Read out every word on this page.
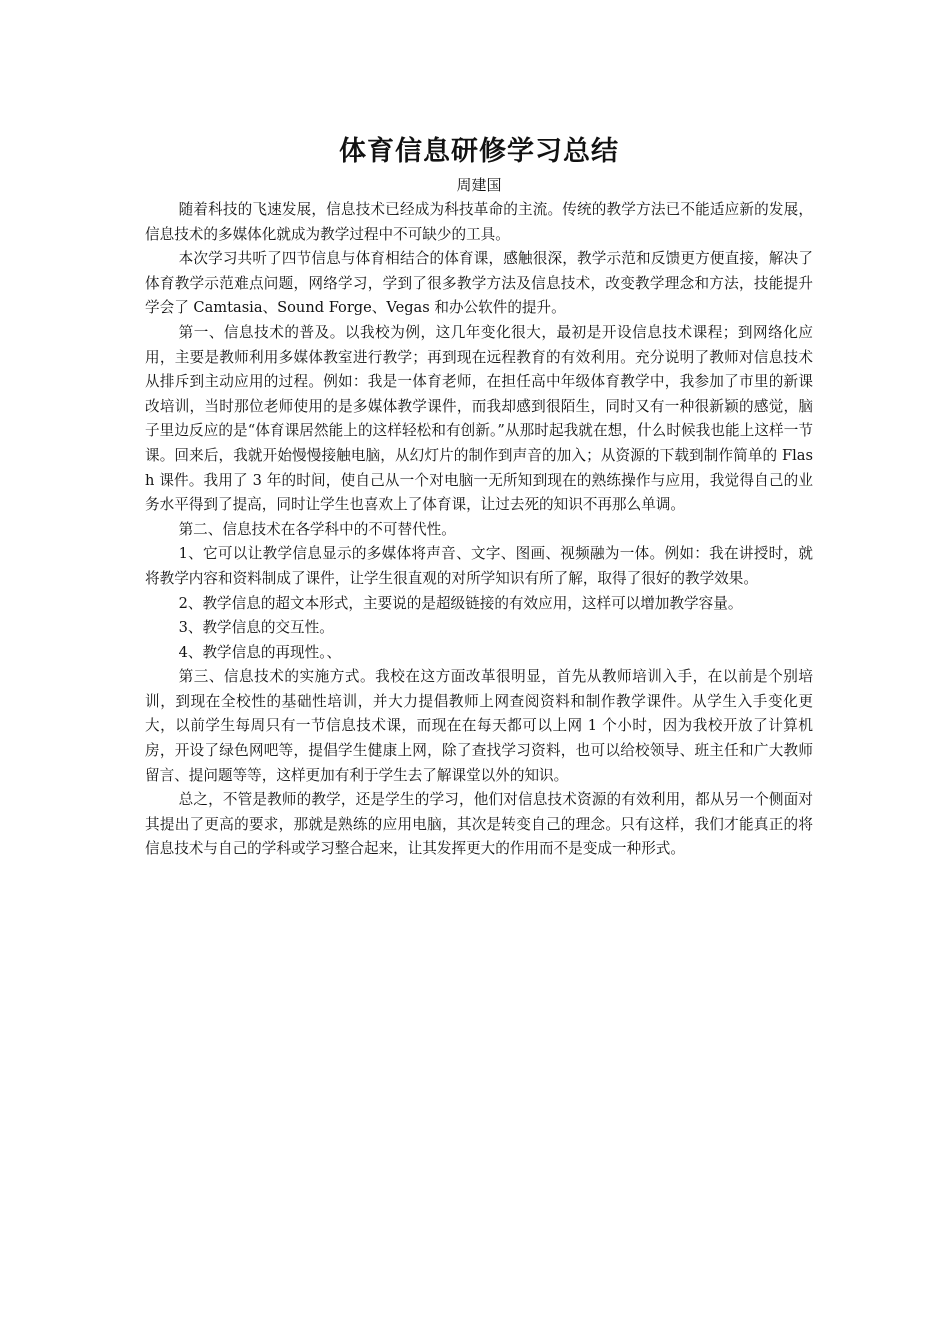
体育信息研修学习总结

周建国

随着科技的飞速发展，信息技术已经成为科技革命的主流。传统的教学方法已不能适应新的发展，信息技术的多媒体化就成为教学过程中不可缺少的工具。

本次学习共听了四节信息与体育相结合的体育课，感触很深，教学示范和反馈更方便直接，解决了体育教学示范难点问题，网络学习，学到了很多教学方法及信息技术，改变教学理念和方法，技能提升学会了 Camtasia、Sound Forge、Vegas 和办公软件的提升。

第一、信息技术的普及。以我校为例，这几年变化很大，最初是开设信息技术课程；到网络化应用，主要是教师利用多媒体教室进行教学；再到现在远程教育的有效利用。充分说明了教师对信息技术从排斥到主动应用的过程。例如：我是一体育老师，在担任高中年级体育教学中，我参加了市里的新课改培训，当时那位老师使用的是多媒体教学课件，而我却感到很陌生，同时又有一种很新颖的感觉，脑子里边反应的是“体育课居然能上的这样轻松和有创新。”从那时起我就在想，什么时候我也能上这样一节课。回来后，我就开始慢慢接触电脑，从幻灯片的制作到声音的加入；从资源的下载到制作简单的 Flash 课件。我用了 3 年的时间，使自己从一个对电脑一无所知到现在的熟练操作与应用，我觉得自己的业务水平得到了提高，同时让学生也喜欢上了体育课，让过去死的知识不再那么单调。

第二、信息技术在各学科中的不可替代性。

1、它可以让教学信息显示的多媒体将声音、文字、图画、视频融为一体。例如：我在讲授时，就将教学内容和资料制成了课件，让学生很直观的对所学知识有所了解，取得了很好的教学效果。

2、教学信息的超文本形式，主要说的是超级链接的有效应用，这样可以增加教学容量。

3、教学信息的交互性。

4、教学信息的再现性。、

第三、信息技术的实施方式。我校在这方面改革很明显，首先从教师培训入手，在以前是个别培训，到现在全校性的基础性培训，并大力提倡教师上网查阅资料和制作教学课件。从学生入手变化更大，以前学生每周只有一节信息技术课，而现在在每天都可以上网 1 个小时，因为我校开放了计算机房，开设了绿色网吧等，提倡学生健康上网，除了查找学习资料，也可以给校领导、班主任和广大教师留言、提问题等等，这样更加有利于学生去了解课堂以外的知识。

总之，不管是教师的教学，还是学生的学习，他们对信息技术资源的有效利用，都从另一个侧面对其提出了更高的要求，那就是熟练的应用电脑，其次是转变自己的理念。只有这样，我们才能真正的将信息技术与自己的学科或学习整合起来，让其发挥更大的作用而不是变成一种形式。
